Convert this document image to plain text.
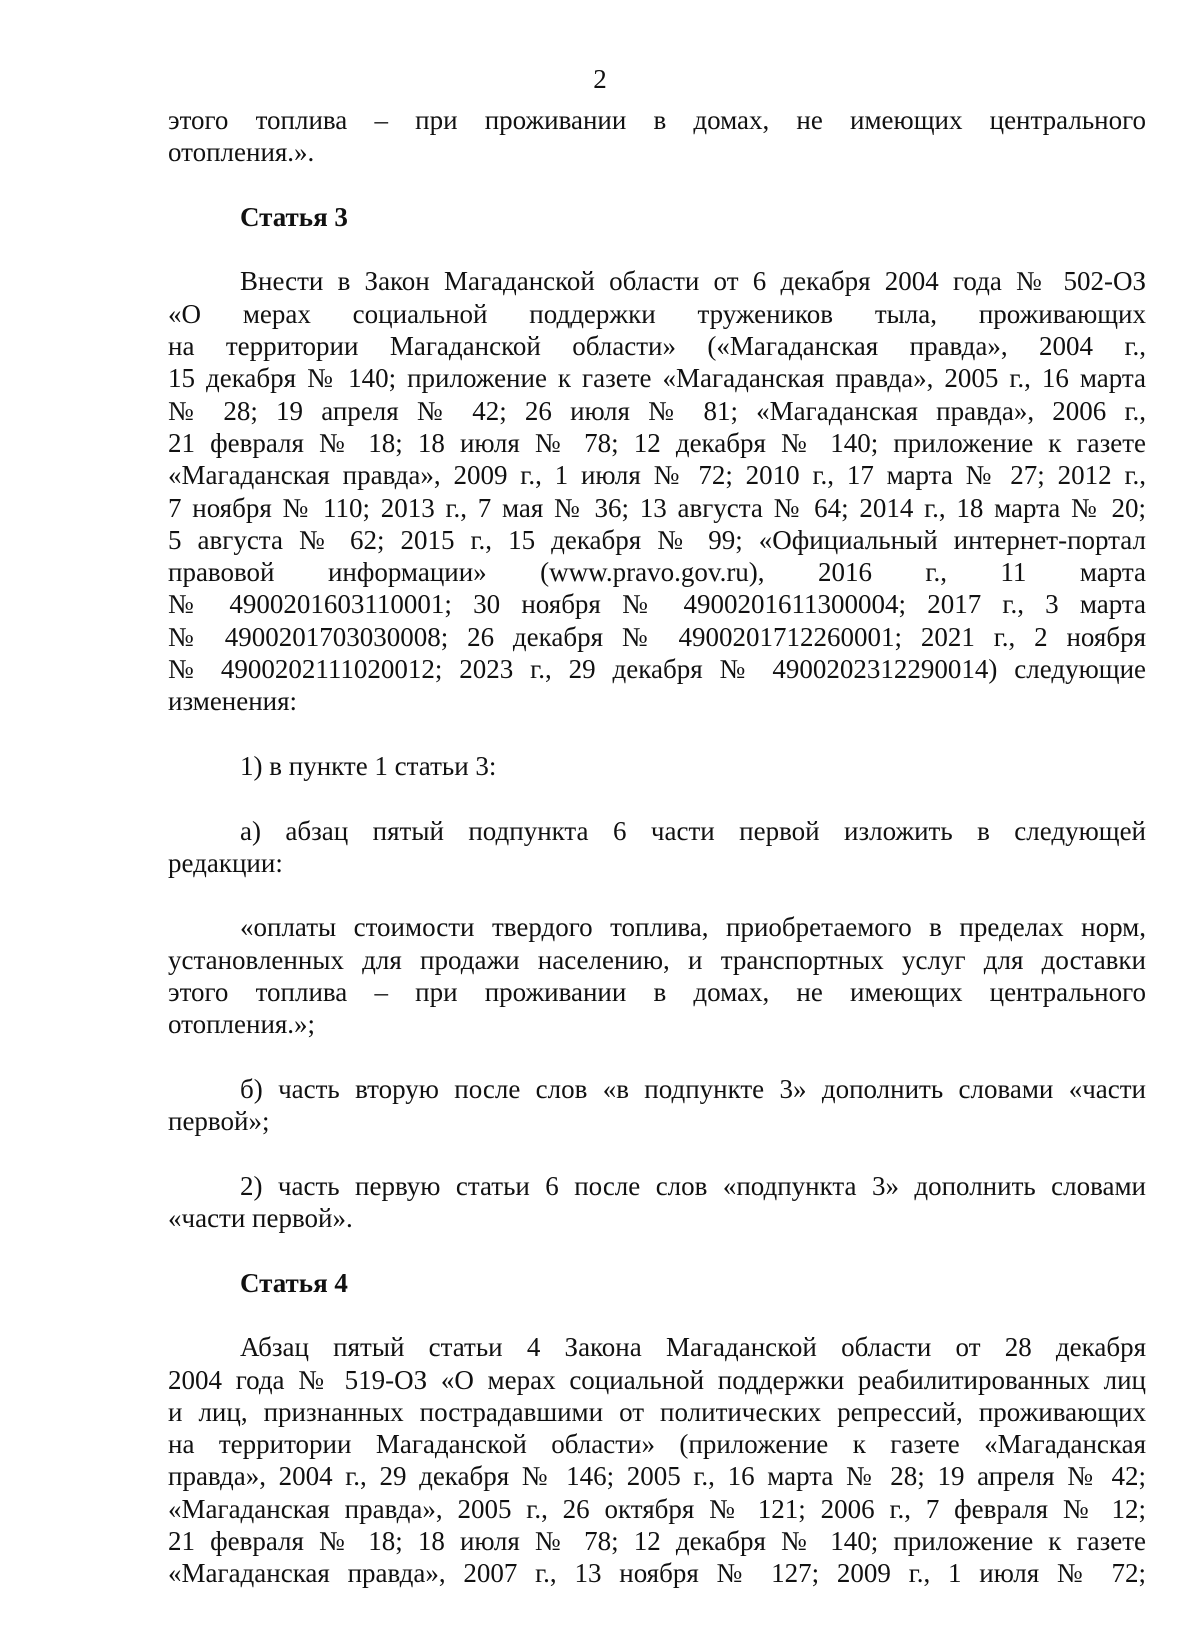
2

этого топлива – при проживании в домах, не имеющих центрального

отопления.».

Статья 3

Внести в Закон Магаданской области от 6 декабря 2004 года № 502-ОЗ

«О мерах социальной поддержки тружеников тыла, проживающих

на территории Магаданской области» («Магаданская правда», 2004 г.,

15 декабря № 140; приложение к газете «Магаданская правда», 2005 г., 16 марта

№ 28; 19 апреля № 42; 26 июля № 81; «Магаданская правда», 2006 г.,

21 февраля № 18; 18 июля № 78; 12 декабря № 140; приложение к газете

«Магаданская правда», 2009 г., 1 июля № 72; 2010 г., 17 марта № 27; 2012 г.,

7 ноября № 110; 2013 г., 7 мая № 36; 13 августа № 64; 2014 г., 18 марта № 20;

5 августа № 62; 2015 г., 15 декабря № 99; «Официальный интернет-портал

правовой информации» (www.pravo.gov.ru), 2016 г., 11 марта

№ 4900201603110001; 30 ноября № 4900201611300004; 2017 г., 3 марта

№ 4900201703030008; 26 декабря № 4900201712260001; 2021 г., 2 ноября

№ 4900202111020012; 2023 г., 29 декабря № 4900202312290014) следующие

изменения:

1) в пункте 1 статьи 3:

а) абзац пятый подпункта 6 части первой изложить в следующей

редакции:

«оплаты стоимости твердого топлива, приобретаемого в пределах норм,

установленных для продажи населению, и транспортных услуг для доставки

этого топлива – при проживании в домах, не имеющих центрального

отопления.»;

б) часть вторую после слов «в подпункте 3» дополнить словами «части

первой»;

2) часть первую статьи 6 после слов «подпункта 3» дополнить словами

«части первой».

Статья 4

Абзац пятый статьи 4 Закона Магаданской области от 28 декабря

2004 года № 519-ОЗ «О мерах социальной поддержки реабилитированных лиц

и лиц, признанных пострадавшими от политических репрессий, проживающих

на территории Магаданской области» (приложение к газете «Магаданская

правда», 2004 г., 29 декабря № 146; 2005 г., 16 марта № 28; 19 апреля № 42;

«Магаданская правда», 2005 г., 26 октября № 121; 2006 г., 7 февраля № 12;

21 февраля № 18; 18 июля № 78; 12 декабря № 140; приложение к газете

«Магаданская правда», 2007 г., 13 ноября № 127; 2009 г., 1 июля № 72;
